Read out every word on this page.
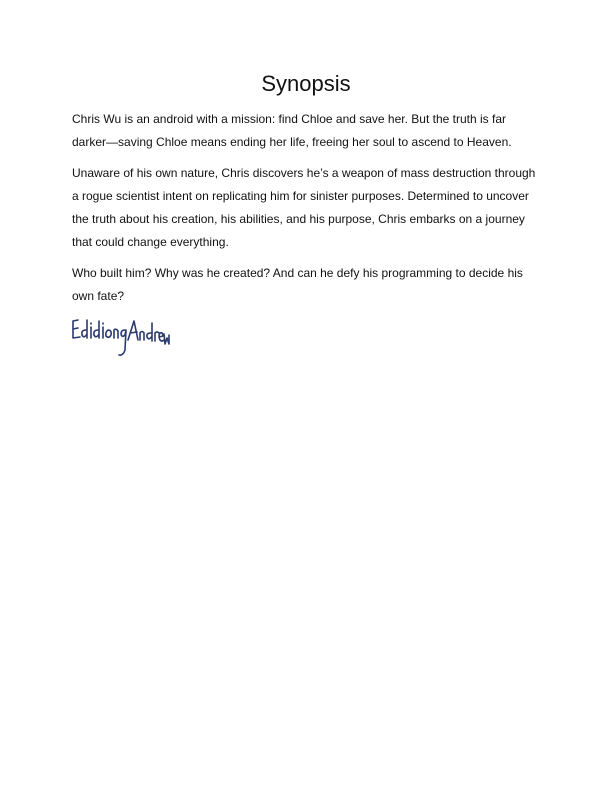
Synopsis

Chris Wu is an android with a mission: find Chloe and save her. But the truth is far darker—saving Chloe means ending her life, freeing her soul to ascend to Heaven.

Unaware of his own nature, Chris discovers he’s a weapon of mass destruction through a rogue scientist intent on replicating him for sinister purposes. Determined to uncover the truth about his creation, his abilities, and his purpose, Chris embarks on a journey that could change everything.

Who built him? Why was he created? And can he defy his programming to decide his own fate?
